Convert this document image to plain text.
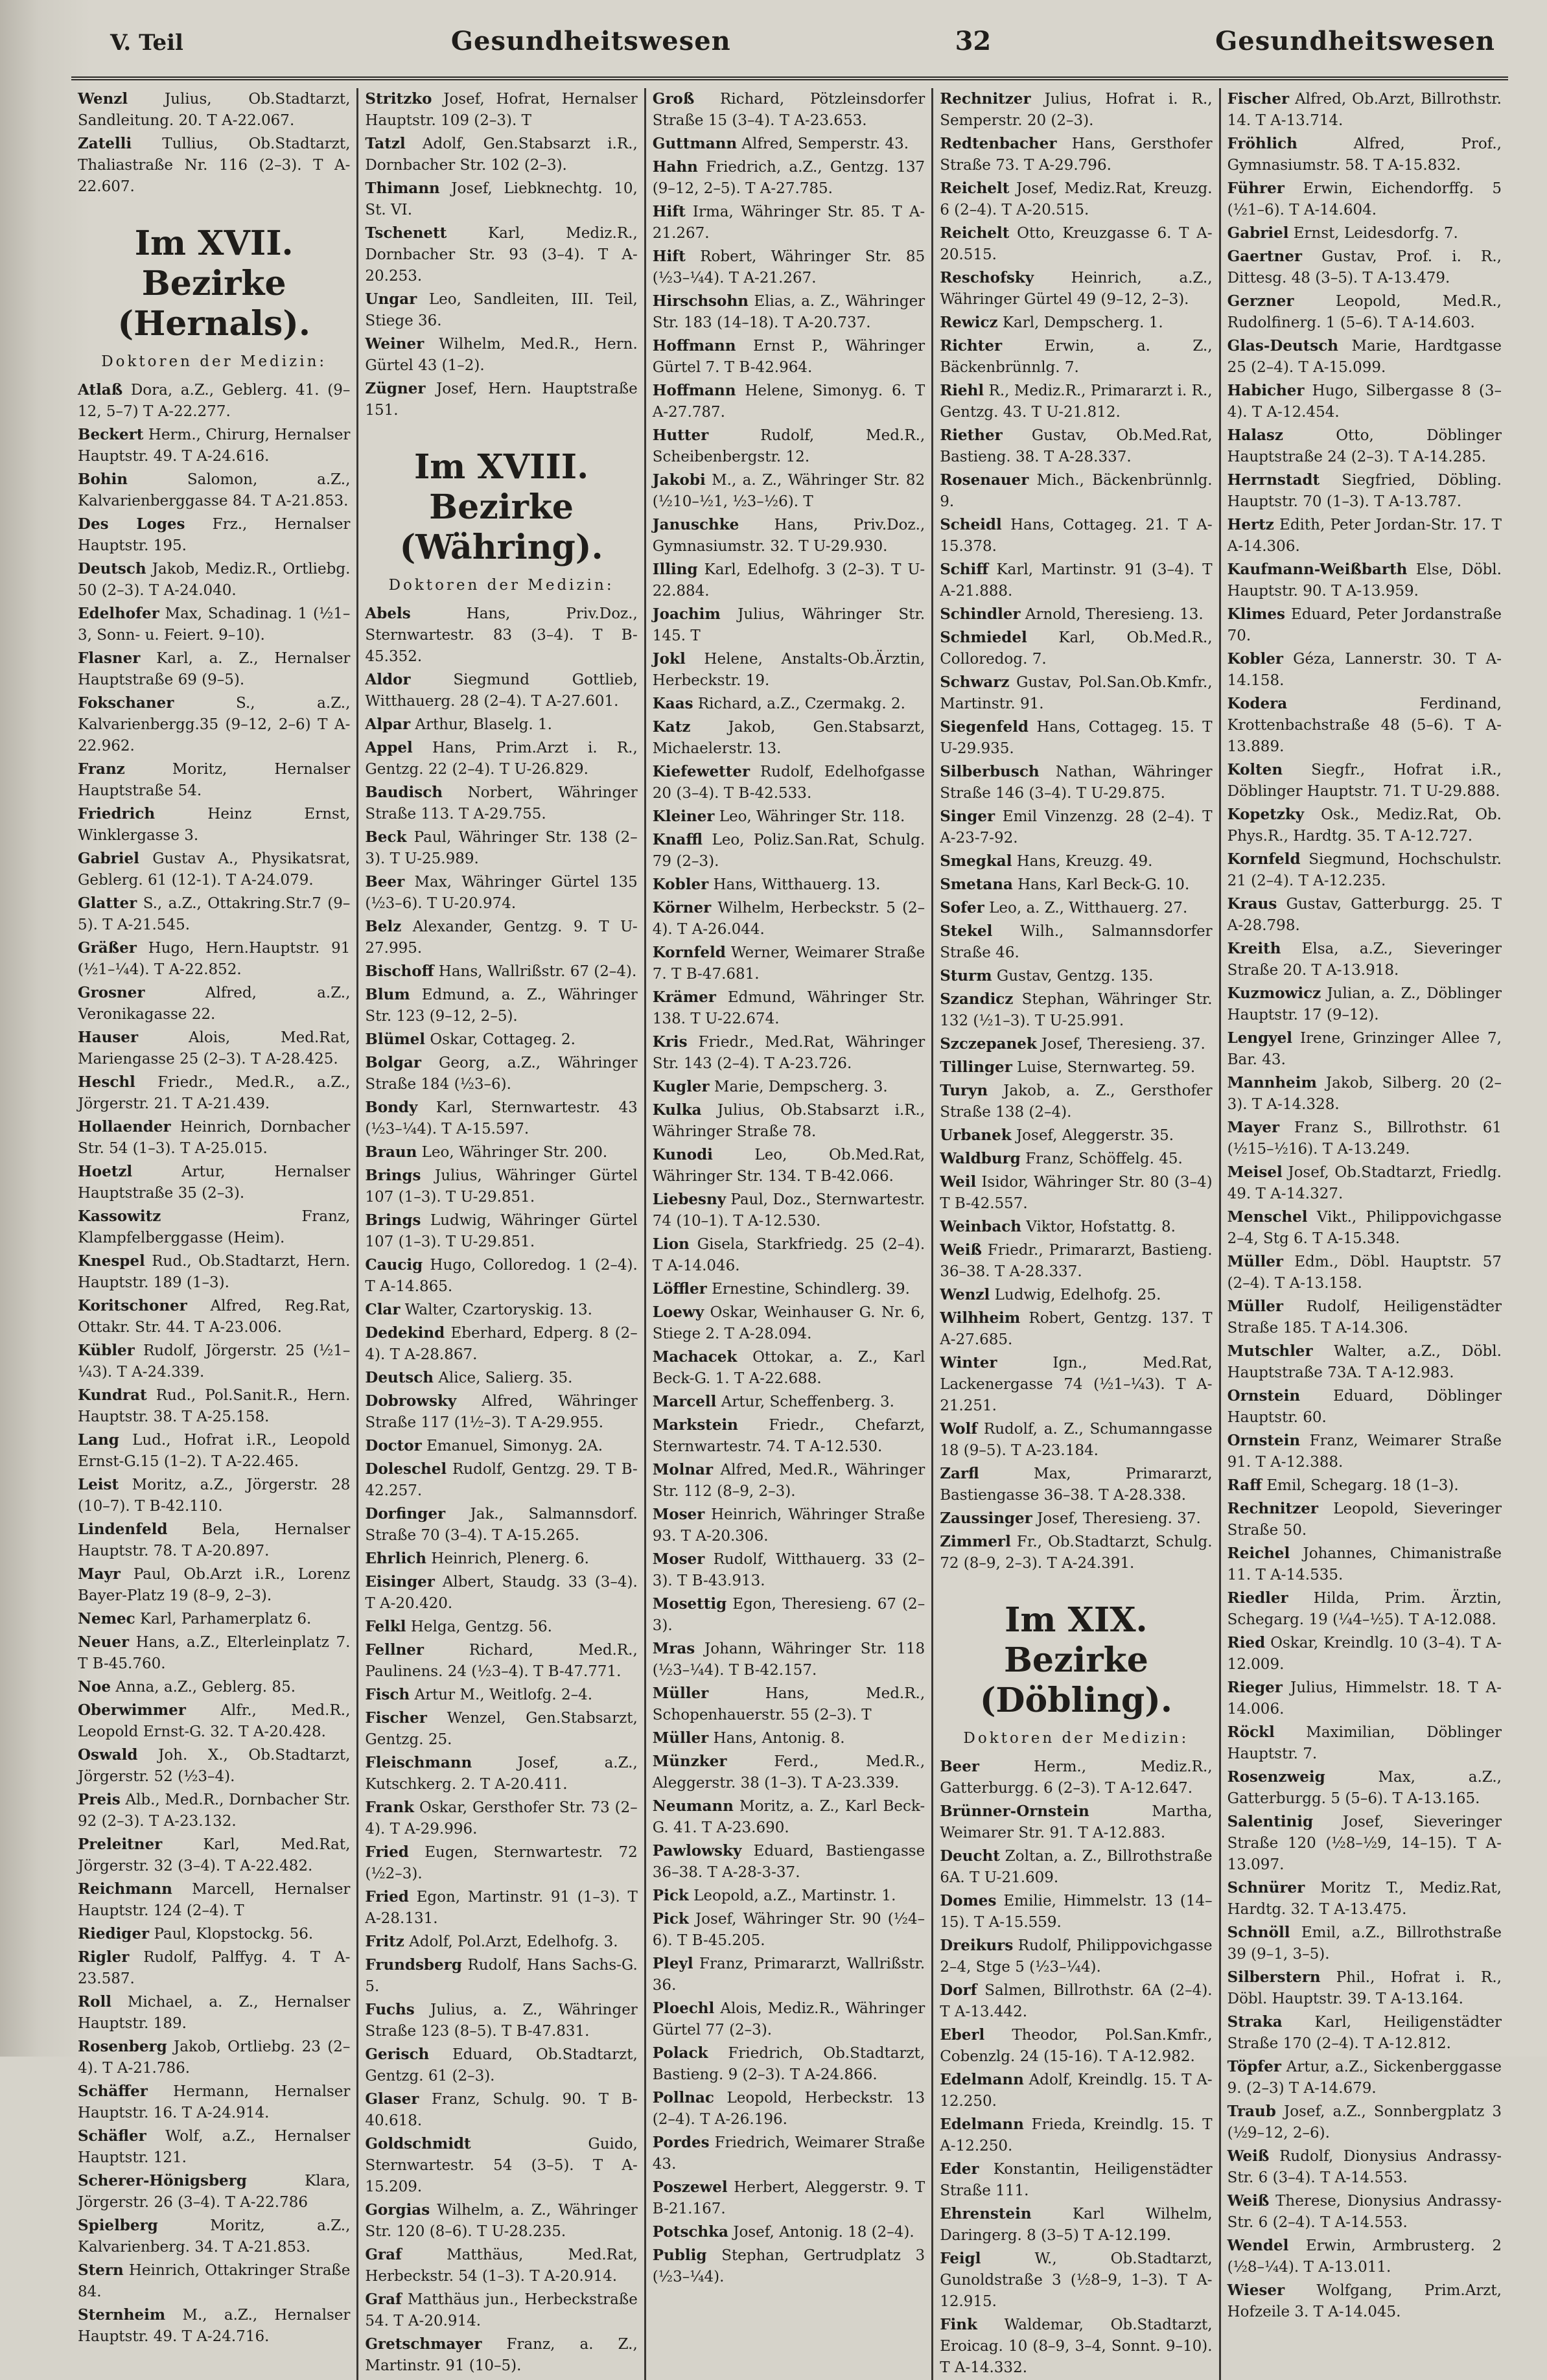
V. Teil	Gesundheitswesen	32	Gesundheitswesen
Wenzl Julius, Ob.Stadtarzt, Sandleitung. 20. T A-22.067.
Zatelli Tullius, Ob.Stadtarzt, Thaliastraße Nr. 116 (2–3). T A-22.607.
Im XVII. Bezirke
(Hernals).
Doktoren der Medizin:
Atlaß Dora, a.Z., Geblerg. 41. (9–12, 5–7) T A-22.277.
Beckert Herm., Chirurg, Hernalser Hauptstr. 49. T A-24.616.
Bohin	Salomon, a.Z., Kalvarienberggasse 84. T A-21.853.
Des Loges Frz., Hernalser Hauptstr. 195.
Deutsch Jakob, Mediz.R., Ortliebg. 50 (2–3). T A-24.040.
Edelhofer Max, Schadinag. 1 (½1–3, Sonn- u. Feiert. 9–10).
Flasner Karl, a. Z., Hernalser Hauptstraße 69 (9–5).
Fokschaner	S., a.Z., Kalvarienbergg.35 (9–12, 2–6) T A-22.962.
Franz	Moritz, Hernalser Hauptstraße 54.
Friedrich	Heinz Ernst, Winklergasse 3.
Gabriel Gustav A., Physikatsrat, Geblerg. 61 (12-1). T A-24.079.
Glatter S., a.Z., Ottakring.Str.7 (9–5). T A-21.545.
Gräßer Hugo, Hern.Hauptstr. 91 (½1–¼4). T A-22.852.
Grosner	Alfred, a.Z., Veronikagasse 22.
Hauser	Alois, Med.Rat, Mariengasse 25 (2–3). T A-28.425.
Heschl Friedr., Med.R., a.Z., Jörgerstr. 21. T A-21.439.
Hollaender Heinrich, Dornbacher Str. 54 (1–3). T A-25.015.
Hoetzl	Artur, Hernalser Hauptstraße 35 (2–3).
Kassowitz	Franz, Klampfelberggasse (Heim).
Knespel Rud., Ob.Stadtarzt, Hern. Hauptstr. 189 (1–3).
Koritschoner Alfred, Reg.Rat, Ottakr. Str. 44. T A-23.006.
Kübler Rudolf, Jörgerstr. 25 (½1–¼3). T A-24.339.
Kundrat Rud., Pol.Sanit.R., Hern. Hauptstr. 38. T A-25.158.
Lang Lud., Hofrat i.R., Leopold Ernst-G.15 (1–2). T A-22.465.
Leist Moritz, a.Z., Jörgerstr. 28 (10–7). T B-42.110.
Lindenfeld Bela, Hernalser Hauptstr. 78. T A-20.897.
Mayr Paul, Ob.Arzt i.R., Lorenz Bayer-Platz 19 (8–9, 2–3).
Nemec Karl, Parhamerplatz 6.
Neuer Hans, a.Z., Elterleinplatz 7. T B-45.760.
Noe Anna, a.Z., Geblerg. 85.
Oberwimmer Alfr., Med.R., Leopold Ernst-G. 32. T A-20.428.
Oswald Joh. X., Ob.Stadtarzt, Jörgerstr. 52 (½3–4).
Preis Alb., Med.R., Dornbacher Str. 92 (2–3). T A-23.132.
Preleitner	Karl, Med.Rat, Jörgerstr. 32 (3–4). T A-22.482.
Reichmann Marcell, Hernalser Hauptstr. 124 (2–4). T
Riediger Paul, Klopstockg. 56.
Rigler Rudolf, Palffyg. 4. T A-23.587.
Roll Michael, a. Z., Hernalser Hauptstr. 189.
Rosenberg Jakob, Ortliebg. 23 (2–4). T A-21.786.
Schäffer Hermann, Hernalser Hauptstr. 16. T A-24.914.
Schäfler Wolf, a.Z., Hernalser Hauptstr. 121.
Scherer-Hönigsberg	Klara, Jörgerstr. 26 (3–4). T A-22.786
Spielberg	Moritz, a.Z., Kalvarienberg. 34. T A-21.853.
Stern Heinrich, Ottakringer Straße 84.
Sternheim M., a.Z., Hernalser Hauptstr. 49. T A-24.716.
Stritzko Josef, Hofrat, Hernalser Hauptstr. 109 (2–3). T
Tatzl Adolf, Gen.Stabsarzt i.R., Dornbacher Str. 102 (2–3).
Thimann Josef, Liebknechtg. 10, St. VI.
Tschenett	Karl, Mediz.R., Dornbacher Str. 93 (3–4). T A-20.253.
Ungar Leo, Sandleiten, III. Teil, Stiege 36.
Weiner Wilhelm, Med.R., Hern. Gürtel 43 (1–2).
Zügner Josef, Hern. Hauptstraße 151.
Im XVIII. Bezirke
(Währing).
Doktoren der Medizin:
Abels	Hans, Priv.Doz., Sternwartestr. 83 (3–4). T B-45.352.
Aldor	Siegmund Gottlieb, Witthauerg. 28 (2–4). T A-27.601.
Alpar Arthur, Blaselg. 1.
Appel Hans, Prim.Arzt i. R., Gentzg. 22 (2–4). T U-26.829.
Baudisch Norbert, Währinger Straße 113. T A-29.755.
Beck Paul, Währinger Str. 138 (2–3). T U-25.989.
Beer Max, Währinger Gürtel 135 (½3–6). T U-20.974.
Belz Alexander, Gentzg. 9. T U-27.995.
Bischoff Hans, Wallrißstr. 67 (2–4).
Blum Edmund, a. Z., Währinger Str. 123 (9–12, 2–5).
Blümel Oskar, Cottageg. 2.
Bolgar Georg, a.Z., Währinger Straße 184 (½3–6).
Bondy Karl, Sternwartestr. 43 (½3–¼4). T A-15.597.
Braun Leo, Währinger Str. 200.
Brings Julius, Währinger Gürtel 107 (1–3). T U-29.851.
Brings Ludwig, Währinger Gürtel 107 (1–3). T U-29.851.
Caucig Hugo, Colloredog. 1 (2–4). T A-14.865.
Clar Walter, Czartoryskig. 13.
Dedekind Eberhard, Edperg. 8 (2–4). T A-28.867.
Deutsch Alice, Salierg. 35.
Dobrowsky Alfred, Währinger Straße 117 (1½–3). T A-29.955.
Doctor Emanuel, Simonyg. 2A.
Doleschel Rudolf, Gentzg. 29. T B-42.257.
Dorfinger Jak., Salmannsdorf. Straße 70 (3–4). T A-15.265.
Ehrlich Heinrich, Plenerg. 6.
Eisinger Albert, Staudg. 33 (3–4). T A-20.420.
Felkl Helga, Gentzg. 56.
Fellner	Richard, Med.R., Paulinens. 24 (½3–4). T B-47.771.
Fisch Artur M., Weitlofg. 2–4.
Fischer Wenzel, Gen.Stabsarzt, Gentzg. 25.
Fleischmann	Josef, a.Z., Kutschkerg. 2. T A-20.411.
Frank Oskar, Gersthofer Str. 73 (2–4). T A-29.996.
Fried Eugen, Sternwartestr. 72 (½2–3).
Fried Egon, Martinstr. 91 (1–3). T A-28.131.
Fritz Adolf, Pol.Arzt, Edelhofg. 3.
Frundsberg Rudolf, Hans Sachs-G. 5.
Fuchs Julius, a. Z., Währinger Straße 123 (8–5). T B-47.831.
Gerisch Eduard, Ob.Stadtarzt, Gentzg. 61 (2–3).
Glaser Franz, Schulg. 90. T B-40.618.
Goldschmidt	Guido, Sternwartestr. 54 (3–5). T A-15.209.
Gorgias Wilhelm, a. Z., Währinger Str. 120 (8–6). T U-28.235.
Graf	Matthäus, Med.Rat, Herbeckstr. 54 (1–3). T A-20.914.
Graf Matthäus jun., Herbeckstraße 54. T A-20.914.
Gretschmayer Franz, a. Z., Martinstr. 91 (10–5).
Groß Richard, Pötzleinsdorfer Straße 15 (3–4). T A-23.653.
Guttmann Alfred, Semperstr. 43.
Hahn Friedrich, a.Z., Gentzg. 137 (9–12, 2–5). T A-27.785.
Hift Irma, Währinger Str. 85. T A-21.267.
Hift Robert, Währinger Str. 85 (½3–¼4). T A-21.267.
Hirschsohn Elias, a. Z., Währinger Str. 183 (14–18). T A-20.737.
Hoffmann Ernst P., Währinger Gürtel 7. T B-42.964.
Hoffmann Helene, Simonyg. 6. T A-27.787.
Hutter	Rudolf, Med.R., Scheibenbergstr. 12.
Jakobi M., a. Z., Währinger Str. 82 (½10–½1, ½3–½6). T
Januschke Hans, Priv.Doz., Gymnasiumstr. 32. T U-29.930.
Illing Karl, Edelhofg. 3 (2–3). T U-22.884.
Joachim Julius, Währinger Str. 145. T
Jokl Helene, Anstalts-Ob.Ärztin, Herbeckstr. 19.
Kaas Richard, a.Z., Czermakg. 2.
Katz	Jakob, Gen.Stabsarzt, Michaelerstr. 13.
Kiefewetter Rudolf, Edelhofgasse 20 (3–4). T B-42.533.
Kleiner Leo, Währinger Str. 118.
Knaffl Leo, Poliz.San.Rat, Schulg. 79 (2–3).
Kobler Hans, Witthauerg. 13.
Körner Wilhelm, Herbeckstr. 5 (2–4). T A-26.044.
Kornfeld Werner, Weimarer Straße 7. T B-47.681.
Krämer Edmund, Währinger Str. 138. T U-22.674.
Kris Friedr., Med.Rat, Währinger Str. 143 (2–4). T A-23.726.
Kugler Marie, Dempscherg. 3.
Kulka Julius, Ob.Stabsarzt i.R., Währinger Straße 78.
Kunodi	Leo, Ob.Med.Rat, Währinger Str. 134. T B-42.066.
Liebesny Paul, Doz., Sternwartestr. 74 (10–1). T A-12.530.
Lion Gisela, Starkfriedg. 25 (2–4). T A-14.046.
Löffler Ernestine, Schindlerg. 39.
Loewy Oskar, Weinhauser G. Nr. 6, Stiege 2. T A-28.094.
Machacek Ottokar, a. Z., Karl Beck-G. 1. T A-22.688.
Marcell Artur, Scheffenberg. 3.
Markstein Friedr., Chefarzt, Sternwartestr. 74. T A-12.530.
Molnar Alfred, Med.R., Währinger Str. 112 (8–9, 2–3).
Moser Heinrich, Währinger Straße 93. T A-20.306.
Moser Rudolf, Witthauerg. 33 (2–3). T B-43.913.
Mosettig Egon, Theresieng. 67 (2–3).
Mras Johann, Währinger Str. 118 (½3–¼4). T B-42.157.
Müller	Hans, Med.R., Schopenhauerstr. 55 (2–3). T
Müller Hans, Antonig. 8.
Münzker	Ferd., Med.R., Aleggerstr. 38 (1–3). T A-23.339.
Neumann Moritz, a. Z., Karl Beck-G. 41. T A-23.690.
Pawlowsky Eduard, Bastiengasse 36–38. T A-28-3-37.
Pick Leopold, a.Z., Martinstr. 1.
Pick Josef, Währinger Str. 90 (½4–6). T B-45.205.
Pleyl Franz, Primararzt, Wallrißstr. 36.
Ploechl Alois, Mediz.R., Währinger Gürtel 77 (2–3).
Polack Friedrich, Ob.Stadtarzt, Bastieng. 9 (2–3). T A-24.866.
Pollnac Leopold, Herbeckstr. 13 (2–4). T A-26.196.
Pordes Friedrich, Weimarer Straße 43.
Poszewel Herbert, Aleggerstr. 9. T B-21.167.
Potschka Josef, Antonig. 18 (2–4).
Publig Stephan, Gertrudplatz 3 (½3–¼4).
Rechnitzer Julius, Hofrat i. R., Semperstr. 20 (2–3).
Redtenbacher Hans, Gersthofer Straße 73. T A-29.796.
Reichelt Josef, Mediz.Rat, Kreuzg. 6 (2–4). T A-20.515.
Reichelt Otto, Kreuzgasse 6. T A-20.515.
Reschofsky	Heinrich, a.Z., Währinger Gürtel 49 (9–12, 2–3).
Rewicz Karl, Dempscherg. 1.
Richter	Erwin, a. Z., Bäckenbrünnlg. 7.
Riehl R., Mediz.R., Primararzt i. R., Gentzg. 43. T U-21.812.
Riether Gustav, Ob.Med.Rat, Bastieng. 38. T A-28.337.
Rosenauer Mich., Bäckenbrünnlg. 9.
Scheidl Hans, Cottageg. 21. T A-15.378.
Schiff Karl, Martinstr. 91 (3–4). T A-21.888.
Schindler Arnold, Theresieng. 13.
Schmiedel Karl, Ob.Med.R., Colloredog. 7.
Schwarz Gustav, Pol.San.Ob.Kmfr., Martinstr. 91.
Siegenfeld Hans, Cottageg. 15. T U-29.935.
Silberbusch Nathan, Währinger Straße 146 (3–4). T U-29.875.
Singer Emil Vinzenzg. 28 (2–4). T A-23-7-92.
Smegkal Hans, Kreuzg. 49.
Smetana Hans, Karl Beck-G. 10.
Sofer Leo, a. Z., Witthauerg. 27.
Stekel Wilh., Salmannsdorfer Straße 46.
Sturm Gustav, Gentzg. 135.
Szandicz Stephan, Währinger Str. 132 (½1–3). T U-25.991.
Szczepanek Josef, Theresieng. 37.
Tillinger Luise, Sternwarteg. 59.
Turyn Jakob, a. Z., Gersthofer Straße 138 (2–4).
Urbanek Josef, Aleggerstr. 35.
Waldburg Franz, Schöffelg. 45.
Weil Isidor, Währinger Str. 80 (3–4) T B-42.557.
Weinbach Viktor, Hofstattg. 8.
Weiß Friedr., Primararzt, Bastieng. 36–38. T A-28.337.
Wenzl Ludwig, Edelhofg. 25.
Wilhheim Robert, Gentzg. 137. T A-27.685.
Winter	Ign., Med.Rat, Lackenergasse 74 (½1–¼3). T A-21.251.
Wolf Rudolf, a. Z., Schumanngasse 18 (9–5). T A-23.184.
Zarfl	Max, Primararzt, Bastiengasse 36–38. T A-28.338.
Zaussinger Josef, Theresieng. 37.
Zimmerl Fr., Ob.Stadtarzt, Schulg. 72 (8–9, 2–3). T A-24.391.
Im XIX. Bezirke
(Döbling).
Doktoren der Medizin:
Beer	Herm., Mediz.R., Gatterburgg. 6 (2–3). T A-12.647.
Brünner-Ornstein	Martha, Weimarer Str. 91. T A-12.883.
Deucht Zoltan, a. Z., Billrothstraße 6A. T U-21.609.
Domes Emilie, Himmelstr. 13 (14–15). T A-15.559.
Dreikurs Rudolf, Philippovichgasse 2–4, Stge 5 (½3–¼4).
Dorf Salmen, Billrothstr. 6A (2–4). T A-13.442.
Eberl Theodor, Pol.San.Kmfr., Cobenzlg. 24 (15-16). T A-12.982.
Edelmann Adolf, Kreindlg. 15. T A-12.250.
Edelmann Frieda, Kreindlg. 15. T A-12.250.
Eder Konstantin, Heiligenstädter Straße 111.
Ehrenstein	Karl Wilhelm, Daringerg. 8 (3–5) T A-12.199.
Feigl	W., Ob.Stadtarzt, Gunoldstraße 3 (½8–9, 1–3). T A-12.915.
Fink Waldemar, Ob.Stadtarzt, Eroicag. 10 (8–9, 3–4, Sonnt. 9–10). T A-14.332.
Fischer Alfred, Ob.Arzt, Billrothstr. 14. T A-13.714.
Fröhlich	Alfred, Prof., Gymnasiumstr. 58. T A-15.832.
Führer Erwin, Eichendorffg. 5 (½1–6). T A-14.604.
Gabriel Ernst, Leidesdorfg. 7.
Gaertner Gustav, Prof. i. R., Dittesg. 48 (3–5). T A-13.479.
Gerzner	Leopold, Med.R., Rudolfinerg. 1 (5–6). T A-14.603.
Glas-Deutsch Marie, Hardtgasse 25 (2–4). T A-15.099.
Habicher Hugo, Silbergasse 8 (3–4). T A-12.454.
Halasz	Otto, Döblinger Hauptstraße 24 (2–3). T A-14.285.
Herrnstadt Siegfried, Döbling. Hauptstr. 70 (1–3). T A-13.787.
Hertz Edith, Peter Jordan-Str. 17. T A-14.306.
Kaufmann-Weißbarth Else, Döbl. Hauptstr. 90. T A-13.959.
Klimes Eduard, Peter Jordanstraße 70.
Kobler Géza, Lannerstr. 30. T A-14.158.
Kodera	Ferdinand, Krottenbachstraße 48 (5–6). T A-13.889.
Kolten Siegfr., Hofrat i.R., Döblinger Hauptstr. 71. T U-29.888.
Kopetzky Osk., Mediz.Rat, Ob. Phys.R., Hardtg. 35. T A-12.727.
Kornfeld Siegmund, Hochschulstr. 21 (2–4). T A-12.235.
Kraus Gustav, Gatterburgg. 25. T A-28.798.
Kreith Elsa, a.Z., Sieveringer Straße 20. T A-13.918.
Kuzmowicz Julian, a. Z., Döblinger Hauptstr. 17 (9–12).
Lengyel Irene, Grinzinger Allee 7, Bar. 43.
Mannheim Jakob, Silberg. 20 (2–3). T A-14.328.
Mayer Franz S., Billrothstr. 61 (½15–½16). T A-13.249.
Meisel Josef, Ob.Stadtarzt, Friedlg. 49. T A-14.327.
Menschel Vikt., Philippovichgasse 2–4, Stg 6. T A-15.348.
Müller Edm., Döbl. Hauptstr. 57 (2–4). T A-13.158.
Müller Rudolf, Heiligenstädter Straße 185. T A-14.306.
Mutschler Walter, a.Z., Döbl. Hauptstraße 73A. T A-12.983.
Ornstein Eduard, Döblinger Hauptstr. 60.
Ornstein Franz, Weimarer Straße 91. T A-12.388.
Raff Emil, Schegarg. 18 (1–3).
Rechnitzer Leopold, Sieveringer Straße 50.
Reichel Johannes, Chimanistraße 11. T A-14.535.
Riedler Hilda, Prim. Ärztin, Schegarg. 19 (¼4–½5). T A-12.088.
Ried Oskar, Kreindlg. 10 (3–4). T A-12.009.
Rieger Julius, Himmelstr. 18. T A-14.006.
Röckl Maximilian, Döblinger Hauptstr. 7.
Rosenzweig	Max, a.Z., Gatterburgg. 5 (5–6). T A-13.165.
Salentinig Josef, Sieveringer Straße 120 (½8–½9, 14–15). T A-13.097.
Schnürer Moritz T., Mediz.Rat, Hardtg. 32. T A-13.475.
Schnöll Emil, a.Z., Billrothstraße 39 (9–1, 3–5).
Silberstern Phil., Hofrat i. R., Döbl. Hauptstr. 39. T A-13.164.
Straka Karl, Heiligenstädter Straße 170 (2–4). T A-12.812.
Töpfer Artur, a.Z., Sickenberggasse 9. (2–3) T A-14.679.
Traub Josef, a.Z., Sonnbergplatz 3 (½9–12, 2–6).
Weiß Rudolf, Dionysius Andrassy-Str. 6 (3–4). T A-14.553.
Weiß Therese, Dionysius Andrassy-Str. 6 (2–4). T A-14.553.
Wendel Erwin, Armbrusterg. 2 (½8–¼4). T A-13.011.
Wieser Wolfgang, Prim.Arzt, Hofzeile 3. T A-14.045.
